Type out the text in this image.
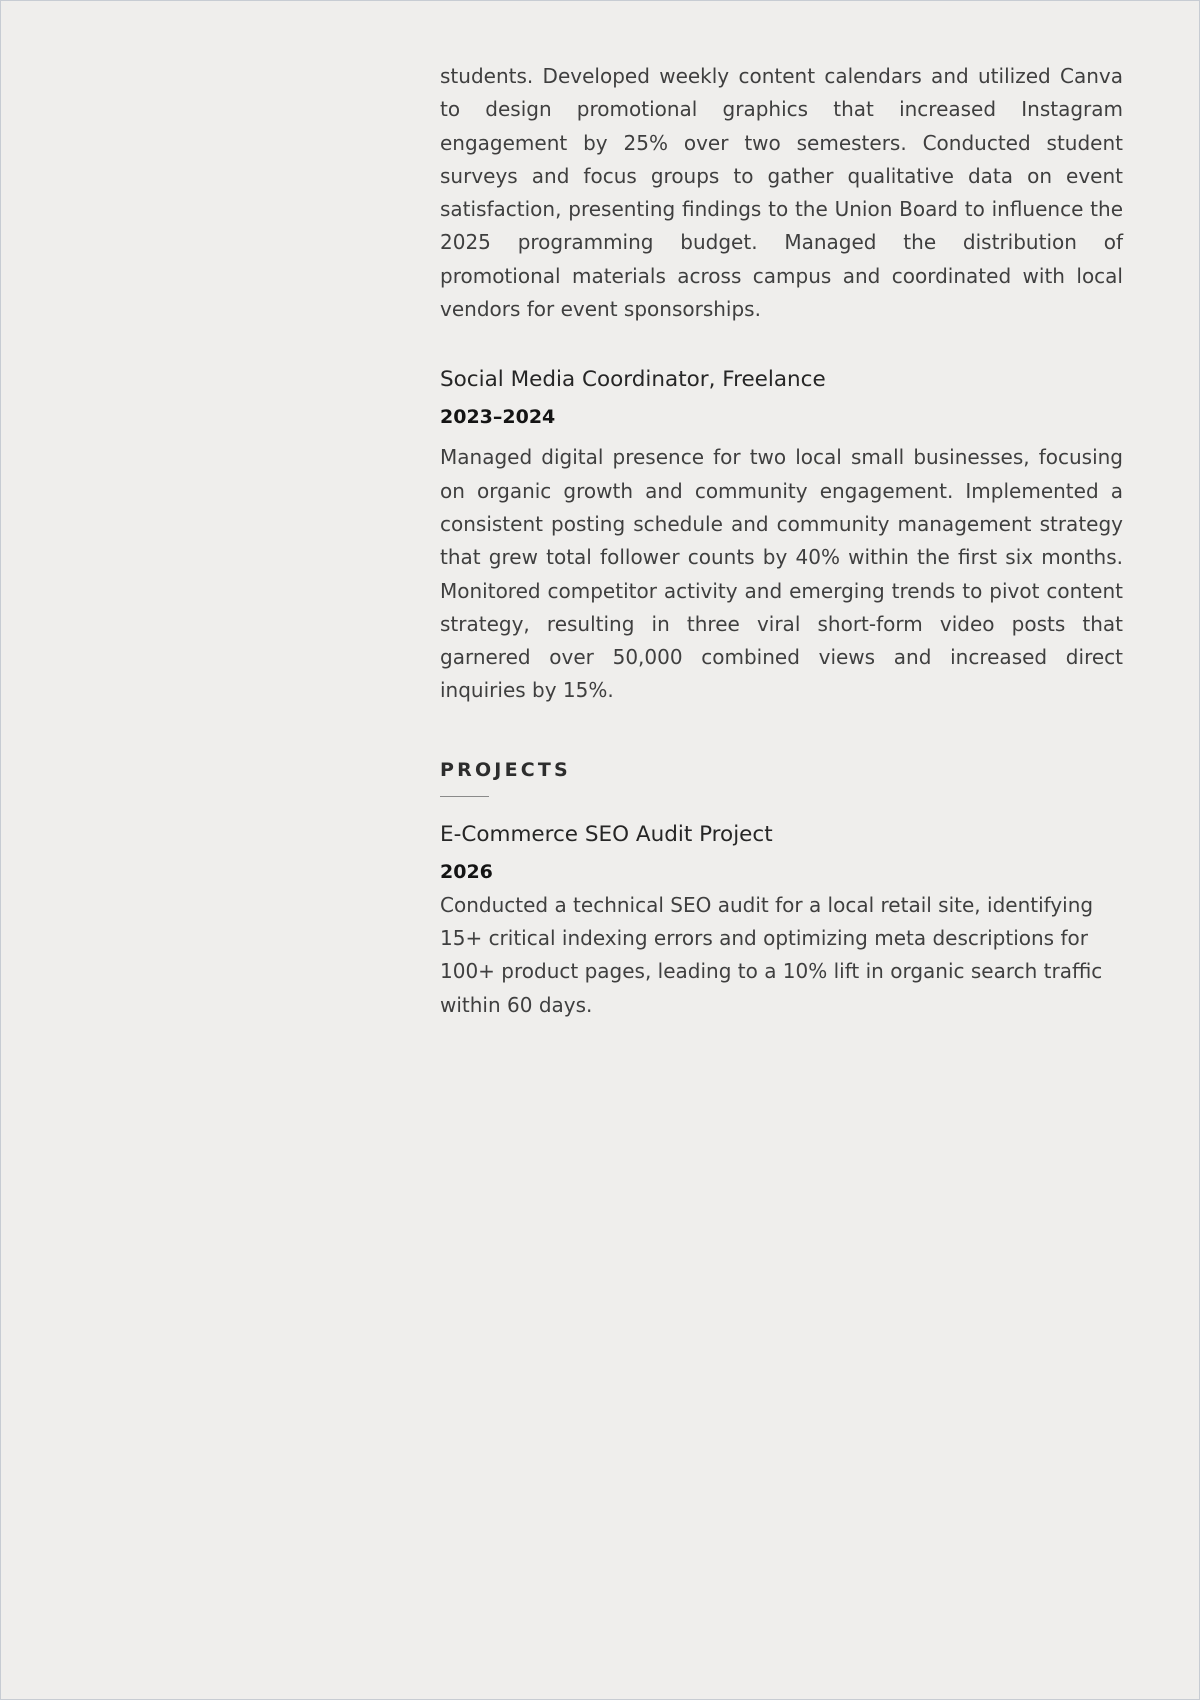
students. Developed weekly content calendars and utilized Canva to design promotional graphics that increased Instagram engagement by 25% over two semesters. Conducted student surveys and focus groups to gather qualitative data on event satisfaction, presenting findings to the Union Board to influence the 2025 programming budget. Managed the distribution of promotional materials across campus and coordinated with local vendors for event sponsorships.

Social Media Coordinator, Freelance
2023–2024

Managed digital presence for two local small businesses, focusing on organic growth and community engagement. Implemented a consistent posting schedule and community management strategy that grew total follower counts by 40% within the first six months. Monitored competitor activity and emerging trends to pivot content strategy, resulting in three viral short-form video posts that garnered over 50,000 combined views and increased direct inquiries by 15%.

PROJECTS
E-Commerce SEO Audit Project
2026

Conducted a technical SEO audit for a local retail site, identifying 15+ critical indexing errors and optimizing meta descriptions for 100+ product pages, leading to a 10% lift in organic search traffic within 60 days.
